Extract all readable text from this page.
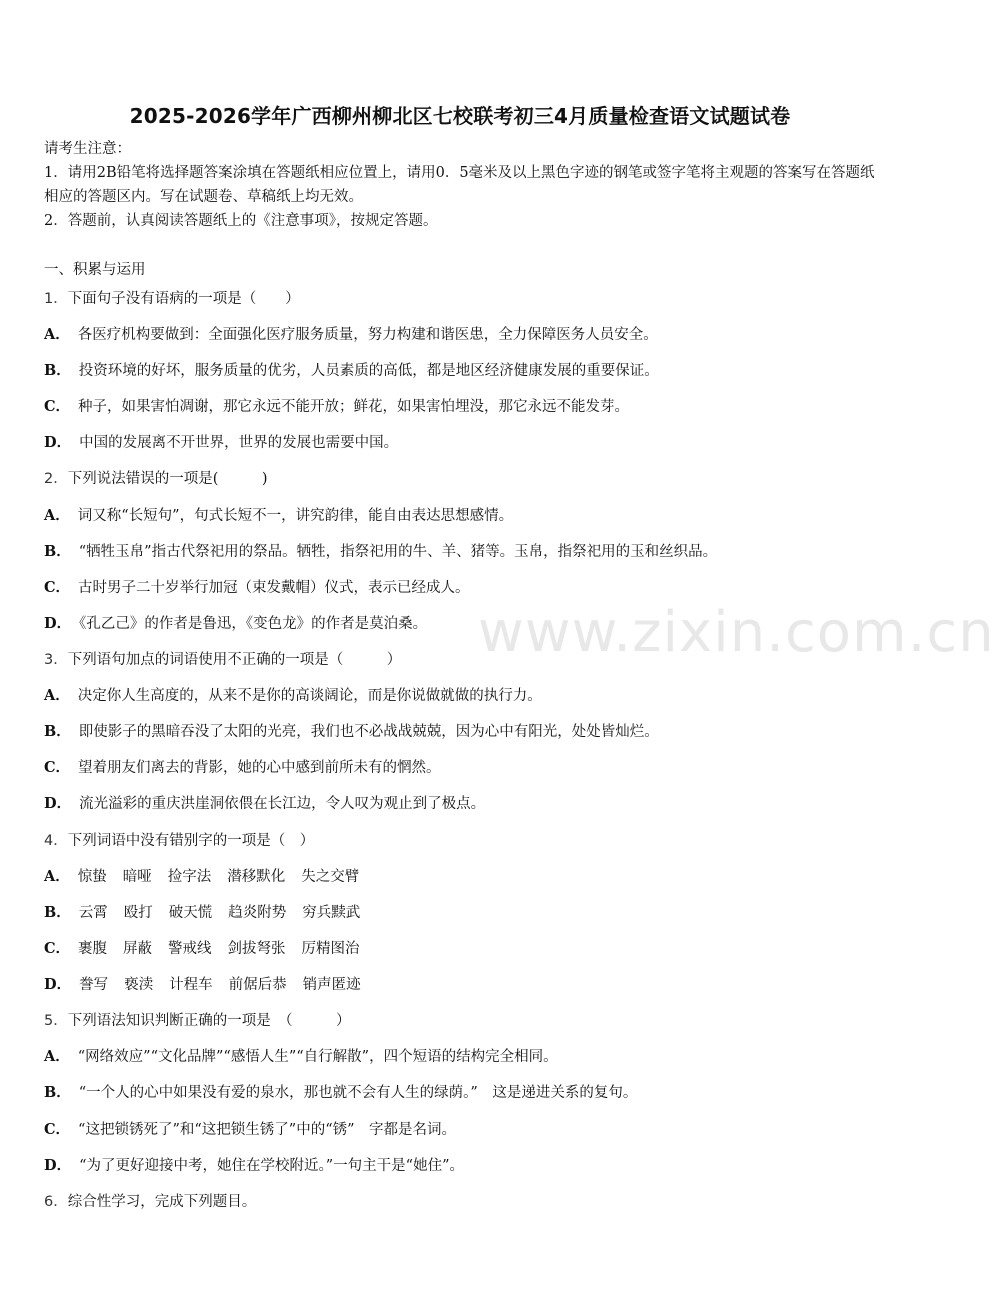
2025-2026学年广西柳州柳北区七校联考初三4月质量检查语文试题试卷
请考生注意：
1．请用2B铅笔将选择题答案涂填在答题纸相应位置上，请用0．5毫米及以上黑色字迹的钢笔或签字笔将主观题的答案写在答题纸相应的答题区内。写在试题卷、草稿纸上均无效。
2．答题前，认真阅读答题纸上的《注意事项》，按规定答题。
一、积累与运用
1．下面句子没有语病的一项是（　　）
A． 各医疗机构要做到：全面强化医疗服务质量，努力构建和谐医患，全力保障医务人员安全。
B． 投资环境的好坏，服务质量的优劣，人员素质的高低，都是地区经济健康发展的重要保证。
C． 种子，如果害怕凋谢，那它永远不能开放；鲜花，如果害怕埋没，那它永远不能发芽。
D． 中国的发展离不开世界，世界的发展也需要中国。
2．下列说法错误的一项是(　　　)
A． 词又称“长短句”，句式长短不一，讲究韵律，能自由表达思想感情。
B． “牺牲玉帛”指古代祭祀用的祭品。牺牲，指祭祀用的牛、羊、猪等。玉帛，指祭祀用的玉和丝织品。
C． 古时男子二十岁举行加冠（束发戴帽）仪式，表示已经成人。
D． 《孔乙己》的作者是鲁迅，《变色龙》的作者是莫泊桑。
3．下列语句加点的词语使用不正确的一项是（　　　）
A． 决定你人生高度的，从来不是你的高谈阔论，而是你说做就做的执行力。
B． 即使影子的黑暗吞没了太阳的光亮，我们也不必战战兢兢，因为心中有阳光，处处皆灿烂。
C． 望着朋友们离去的背影，她的心中感到前所未有的惘然。
D． 流光溢彩的重庆洪崖洞依偎在长江边，令人叹为观止到了极点。
4．下列词语中没有错别字的一项是（　）
A． 惊蛰 暗哑 捡字法 潜移默化 失之交臂
B． 云霄 殴打 破天慌 趋炎附势 穷兵黩武
C． 裹腹 屏蔽 警戒线 剑拔弩张 厉精图治
D． 誊写 亵渎 计程车 前倨后恭 销声匿迹
5．下列语法知识判断正确的一项是　（　　　）
A． “网络效应”“文化品牌”“感悟人生”“自行解散”，四个短语的结构完全相同。
B． “一个人的心中如果没有爱的泉水，那也就不会有人生的绿荫。”　这是递进关系的复句。
C． “这把锁锈死了”和“这把锁生锈了”中的“锈”　字都是名词。
D． “为了更好迎接中考，她住在学校附近。”一句主干是“她住”。
6．综合性学习，完成下列题目。
www.zixin.com.cn
